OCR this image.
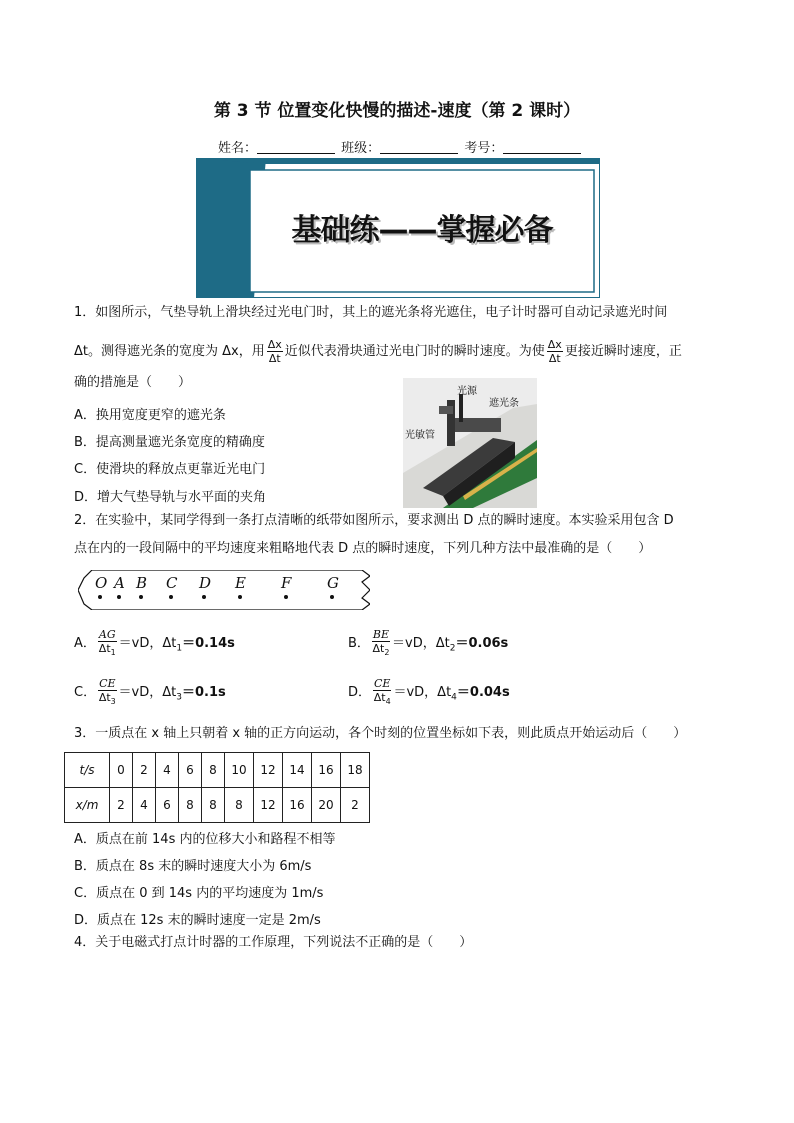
第 3 节 位置变化快慢的描述-速度（第 2 课时）
姓名：	班级：	考号：
基础练——掌握必备
1．如图所示，气垫导轨上滑块经过光电门时，其上的遮光条将光遮住，电子计时器可自动记录遮光时间
Δt。测得遮光条的宽度为 Δx，用 $\frac{\Delta x}{\Delta t}$ 近似代表滑块通过光电门时的瞬时速度。为使 $\frac{\Delta x}{\Delta t}$ 更接近瞬时速度，正
确的措施是（　　）
A．换用宽度更窄的遮光条
B．提高测量遮光条宽度的精确度
C．使滑块的释放点更靠近光电门
D．增大气垫导轨与水平面的夹角
光源
遮光条
光敏管
2．在实验中，某同学得到一条打点清晰的纸带如图所示，要求测出 D 点的瞬时速度。本实验采用包含 D
点在内的一段间隔中的平均速度来粗略地代表 D 点的瞬时速度，下列几种方法中最准确的是（　　）
O A B C D E F G
A． $\frac{AG}{\Delta t_1} =vD$，$\Delta t_1=0.14s$	B． $\frac{BE}{\Delta t_2} =vD$，$\Delta t_2=0.06s$
C． $\frac{CE}{\Delta t_3} =vD$，$\Delta t_3=0.1s$	D． $\frac{CE}{\Delta t_4} =vD$，$\Delta t_4=0.04s$
3．一质点在 x 轴上只朝着 x 轴的正方向运动，各个时刻的位置坐标如下表，则此质点开始运动后（　　）
t/s	0	2	4	6	8	10	12	14	16	18
x/m	2	4	6	8	8	8	12	16	20	2
A．质点在前 14s 内的位移大小和路程不相等
B．质点在 8s 末的瞬时速度大小为 6m/s
C．质点在 0 到 14s 内的平均速度为 1m/s
D．质点在 12s 末的瞬时速度一定是 2m/s
4．关于电磁式打点计时器的工作原理，下列说法不正确的是（　　）
